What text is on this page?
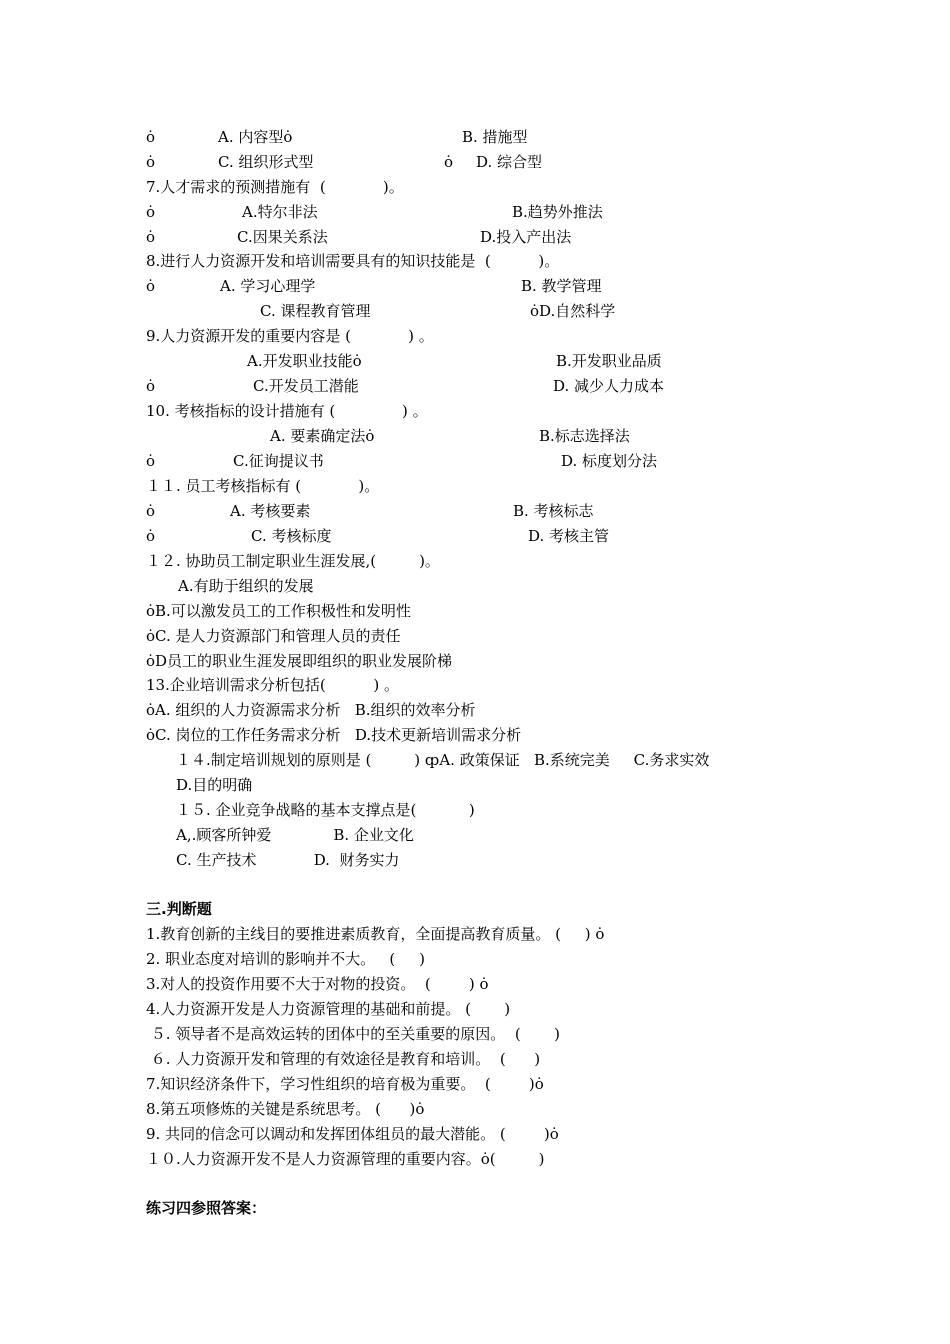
ȯ	A. 内容型ȯ	B. 措施型
ȯ	C. 组织形式型	ȯ D. 综合型
7.人才需求的预测措施有  (            )。
ȯ	A.特尔非法	B.趋势外推法
ȯ	C.因果关系法	D.投入产出法
8.进行人力资源开发和培训需要具有的知识技能是  (          )。
ȯ	A. 学习心理学	B. 教学管理
C. 课程教育管理	ȯD.自然科学
9.人力资源开发的重要内容是 (            ) 。
A.开发职业技能ȯ	B.开发职业品质
ȯ	C.开发员工潜能	D. 减少人力成本
10. 考核指标的设计措施有 (              ) 。
A. 要素确定法ȯ	B.标志选择法
ȯ	C.征询提议书	D. 标度划分法
１１. 员工考核指标有 (            )。
ȯ	A. 考核要素	B. 考核标志
ȯ	C. 考核标度	D. 考核主管
１２. 协助员工制定职业生涯发展,(         )。
A.有助于组织的发展
ȯB.可以激发员工的工作积极性和发明性
ȯC. 是人力资源部门和管理人员的责任
ȯD员工的职业生涯发展即组织的职业发展阶梯
13.企业培训需求分析包括(          ) 。
ȯA. 组织的人力资源需求分析   B.组织的效率分析
ȯC. 岗位的工作任务需求分析   D.技术更新培训需求分析
１４.制定培训规划的原则是 (         ) ȹA. 政策保证   B.系统完美     C.务求实效
D.目的明确
１５. 企业竞争战略的基本支撑点是(           )
A,.顾客所钟爱             B. 企业文化
C. 生产技术            D.  财务实力
三.判断题
1.教育创新的主线目的要推进素质教育，全面提高教育质量。 (     ) ȯ
2. 职业态度对培训的影响并不大。   (     )
3.对人的投资作用要不大于对物的投资。  (        ) ȯ
4.人力资源开发是人力资源管理的基础和前提。 (       )
５. 领导者不是高效运转的团体中的至关重要的原因。  (       )
６. 人力资源开发和管理的有效途径是教育和培训。  (      )
7.知识经济条件下，学习性组织的培育极为重要。  (        )ȯ
8.第五项修炼的关键是系统思考。 (      )ȯ
9. 共同的信念可以调动和发挥团体组员的最大潜能。 (        )ȯ
１０.人力资源开发不是人力资源管理的重要内容。ȯ(         )
练习四参照答案：
